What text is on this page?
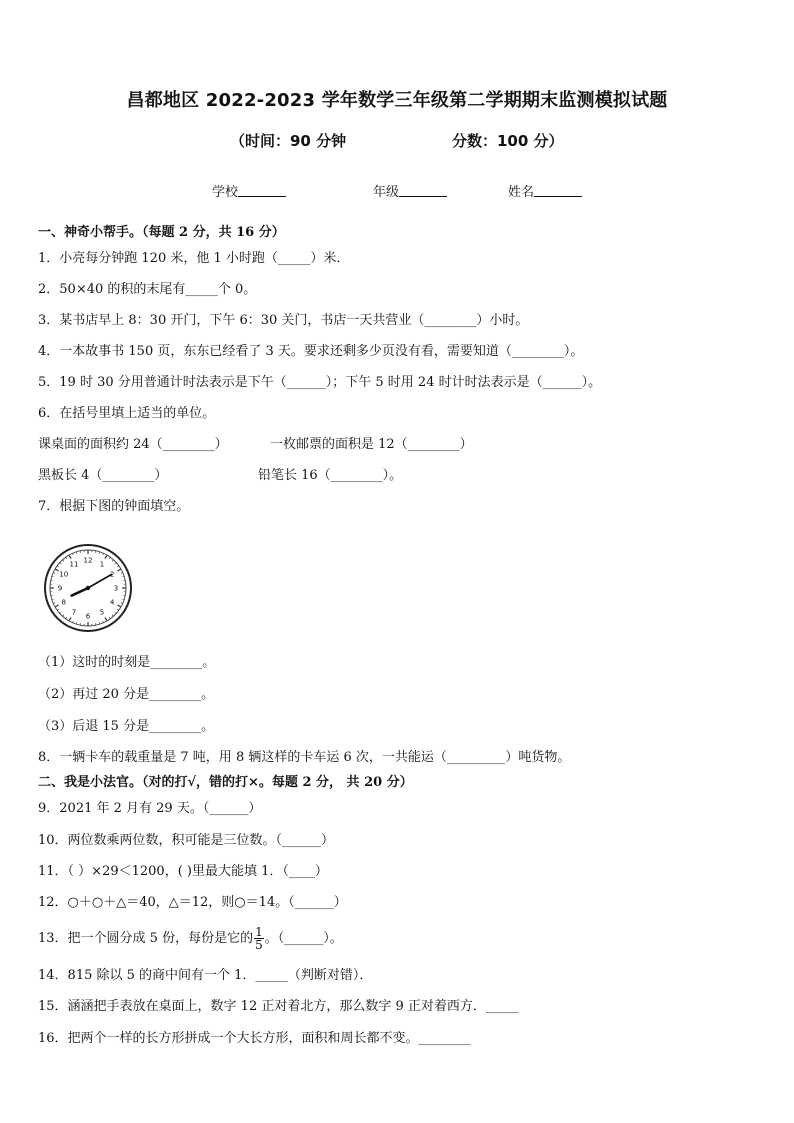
昌都地区 2022-2023 学年数学三年级第二学期期末监测模拟试题
（时间：90 分钟	分数：100 分）
学校	年级	姓名
一、神奇小帮手。（每题 2 分，共 16 分）
1．小亮每分钟跑 120 米，他 1 小时跑（_____）米．
2．50×40 的积的末尾有_____个 0。
3．某书店早上 8：30 开门，下午 6：30 关门，书店一天共营业（________）小时。
4．一本故事书 150 页，东东已经看了 3 天。要求还剩多少页没有看，需要知道（________）。
5．19 时 30 分用普通计时法表示是下午（______）；下午 5 时用 24 时计时法表示是（______）。
6．在括号里填上适当的单位。
课桌面的面积约 24（________）	一枚邮票的面积是 12（________）
黑板长 4（________）	铅笔长 16（________）。
7．根据下图的钟面填空。
12 1
2
3
4
5
6
7
8
9
10
11
（1）这时的时刻是________。
（2）再过 20 分是________。
（3）后退 15 分是________。
8．一辆卡车的载重量是 7 吨，用 8 辆这样的卡车运 6 次，一共能运（_________）吨货物。
二、我是小法官。（对的打√，错的打×。每题 2 分， 共 20 分）
9．2021 年 2 月有 29 天。（______）
10．两位数乘两位数，积可能是三位数。（______）
11．（ ）×29＜1200，( )里最大能填 1．（____）
12．○＋○＋△＝40，△＝12，则○＝14。（______）
13．把一个圆分成 5 份，每份是它的 $\frac{1}{5}$ 。（______）。
14．815 除以 5 的商中间有一个 1．_____（判断对错）．
15．涵涵把手表放在桌面上，数字 12 正对着北方，那么数字 9 正对着西方．_____
16．把两个一样的长方形拼成一个大长方形，面积和周长都不变。________
